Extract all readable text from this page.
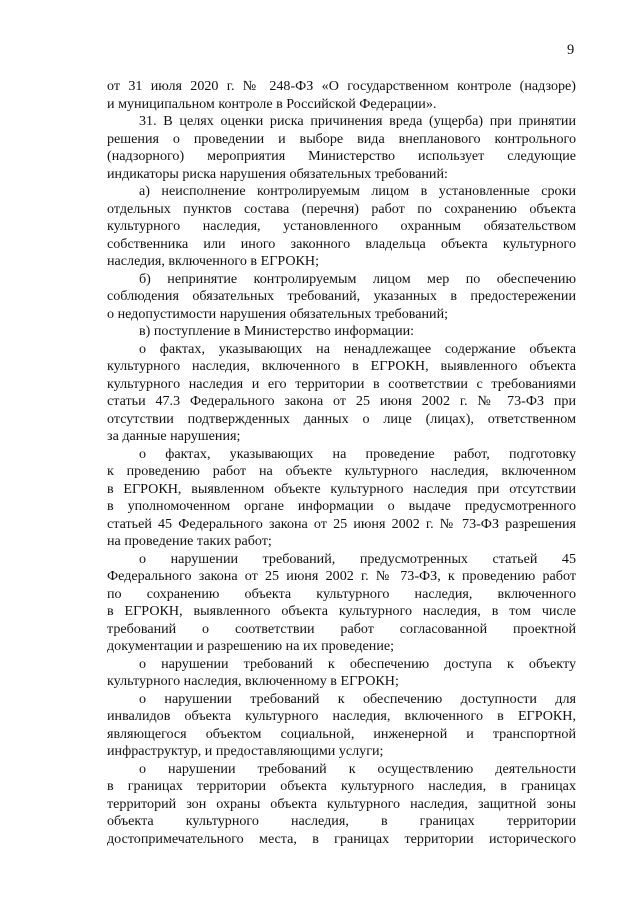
9

от 31 июля 2020 г. № 248-ФЗ «О государственном контроле (надзоре)
и муниципальном контроле в Российской Федерации».

31. В целях оценки риска причинения вреда (ущерба) при принятии
решения о проведении и выборе вида внепланового контрольного
(надзорного) мероприятия Министерство использует следующие
индикаторы риска нарушения обязательных требований:

а) неисполнение контролируемым лицом в установленные сроки
отдельных пунктов состава (перечня) работ по сохранению объекта
культурного наследия, установленного охранным обязательством
собственника или иного законного владельца объекта культурного
наследия, включенного в ЕГРОКН;

б) непринятие контролируемым лицом мер по обеспечению
соблюдения обязательных требований, указанных в предостережении
о недопустимости нарушения обязательных требований;

в) поступление в Министерство информации:

о фактах, указывающих на ненадлежащее содержание объекта
культурного наследия, включенного в ЕГРОКН, выявленного объекта
культурного наследия и его территории в соответствии с требованиями
статьи 47.3 Федерального закона от 25 июня 2002 г. № 73-ФЗ при
отсутствии подтвержденных данных о лице (лицах), ответственном
за данные нарушения;

о фактах, указывающих на проведение работ, подготовку
к проведению работ на объекте культурного наследия, включенном
в ЕГРОКН, выявленном объекте культурного наследия при отсутствии
в уполномоченном органе информации о выдаче предусмотренного
статьей 45 Федерального закона от 25 июня 2002 г. № 73-ФЗ разрешения
на проведение таких работ;

о нарушении требований, предусмотренных статьей 45
Федерального закона от 25 июня 2002 г. № 73-ФЗ, к проведению работ
по сохранению объекта культурного наследия, включенного
в ЕГРОКН, выявленного объекта культурного наследия, в том числе
требований о соответствии работ согласованной проектной
документации и разрешению на их проведение;

о нарушении требований к обеспечению доступа к объекту
культурного наследия, включенному в ЕГРОКН;

о нарушении требований к обеспечению доступности для
инвалидов объекта культурного наследия, включенного в ЕГРОКН,
являющегося объектом социальной, инженерной и транспортной
инфраструктур, и предоставляющими услуги;

о нарушении требований к осуществлению деятельности
в границах территории объекта культурного наследия, в границах
территорий зон охраны объекта культурного наследия, защитной зоны
объекта культурного наследия, в границах территории
достопримечательного места, в границах территории исторического
